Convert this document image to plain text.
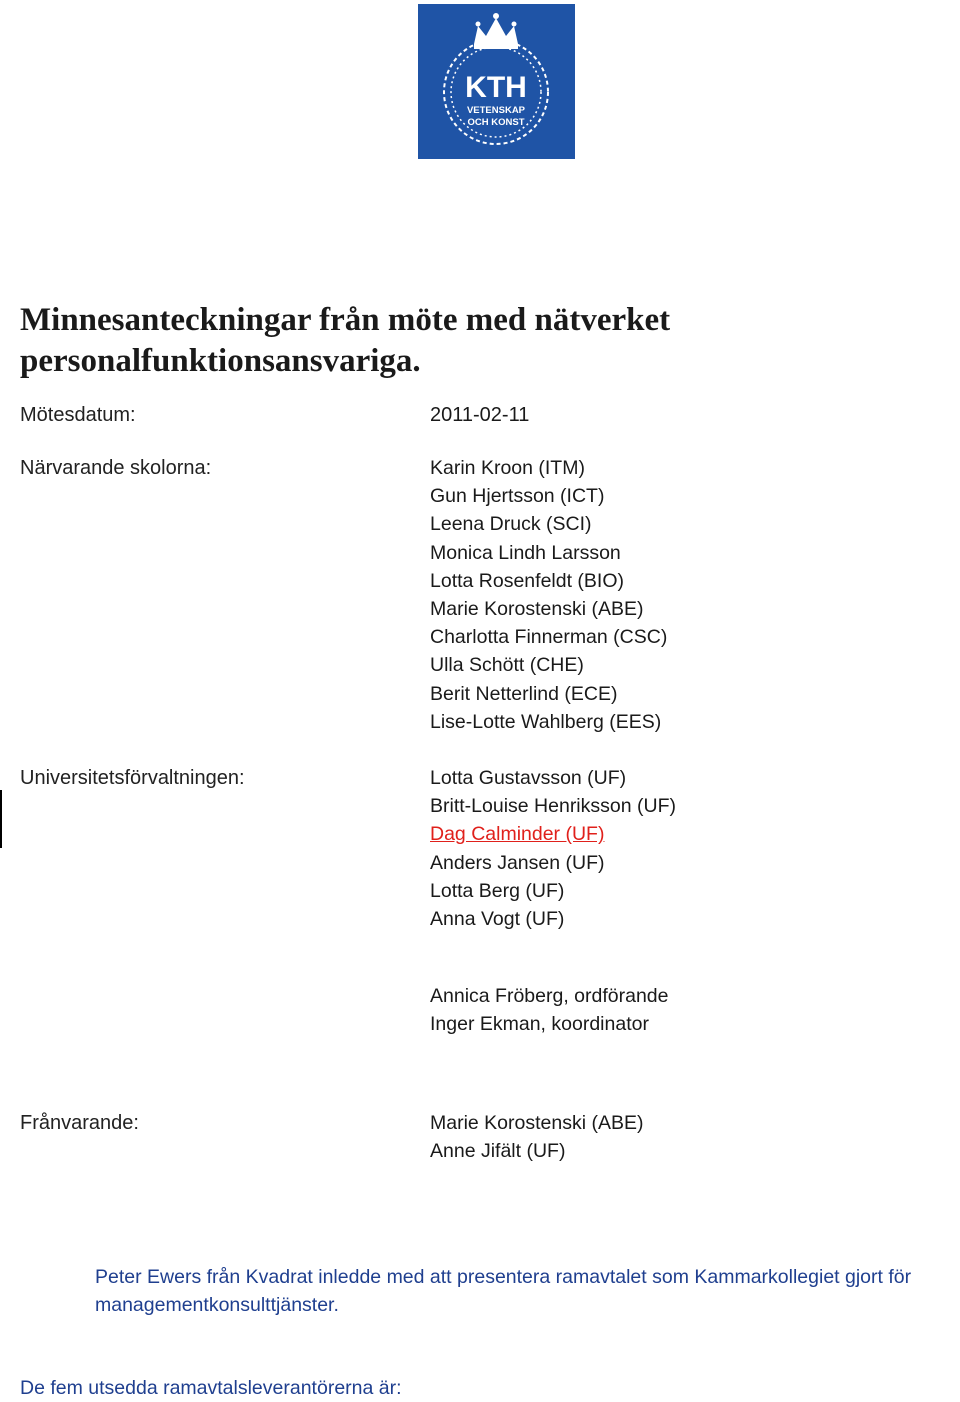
KTH
VETENSKAP
OCH KONST
Minnesanteckningar från möte med nätverket personalfunktionsansvariga.
Mötesdatum:	2011-02-11
Närvarande skolorna:	Karin Kroon (ITM)
Gun Hjertsson (ICT)
Leena Druck (SCI)
Monica Lindh Larsson
Lotta Rosenfeldt (BIO)
Marie Korostenski (ABE)
Charlotta Finnerman (CSC)
Ulla Schött (CHE)
Berit Netterlind (ECE)
Lise-Lotte Wahlberg (EES)
Universitetsförvaltningen:	Lotta Gustavsson (UF)
Britt-Louise Henriksson (UF)
Dag Calminder (UF)
Anders Jansen (UF)
Lotta Berg (UF)
Anna Vogt (UF)
Annica Fröberg, ordförande
Inger Ekman, koordinator
Frånvarande:	Marie Korostenski (ABE)
Anne Jifält (UF)

Peter Ewers från Kvadrat inledde med att presentera ramavtalet som Kammarkollegiet gjort för managementkonsulttjänster.

De fem utsedda ramavtalsleverantörerna är:
